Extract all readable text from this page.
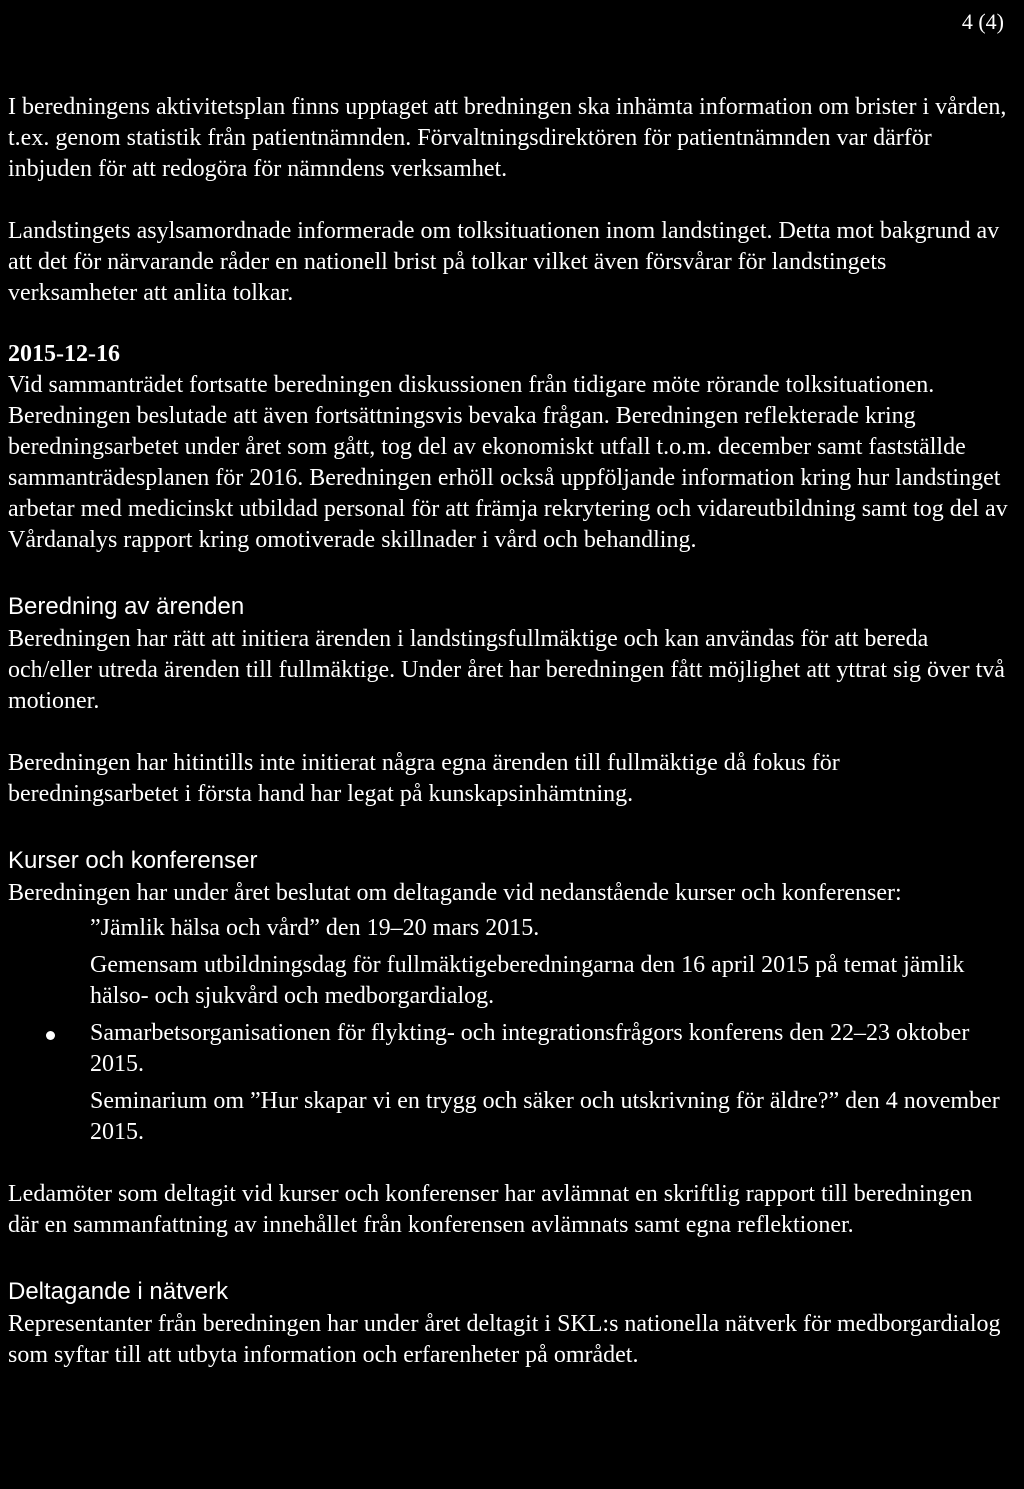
4 (4)

I beredningens aktivitetsplan finns upptaget att bredningen ska inhämta information om brister i vården, t.ex. genom statistik från patientnämnden. Förvaltningsdirektören för patientnämnden var därför inbjuden för att redogöra för nämndens verksamhet.

Landstingets asylsamordnade informerade om tolksituationen inom landstinget. Detta mot bakgrund av att det för närvarande råder en nationell brist på tolkar vilket även försvårar för landstingets verksamheter att anlita tolkar.

2015-12-16

Vid sammanträdet fortsatte beredningen diskussionen från tidigare möte rörande tolksituationen. Beredningen beslutade att även fortsättningsvis bevaka frågan. Beredningen reflekterade kring beredningsarbetet under året som gått, tog del av ekonomiskt utfall t.o.m. december samt fastställde sammanträdesplanen för 2016. Beredningen erhöll också uppföljande information kring hur landstinget arbetar med medicinskt utbildad personal för att främja rekrytering och vidareutbildning samt tog del av Vårdanalys rapport kring omotiverade skillnader i vård och behandling.

Beredning av ärenden

Beredningen har rätt att initiera ärenden i landstingsfullmäktige och kan användas för att bereda och/eller utreda ärenden till fullmäktige. Under året har beredningen fått möjlighet att yttrat sig över två motioner.

Beredningen har hitintills inte initierat några egna ärenden till fullmäktige då fokus för beredningsarbetet i första hand har legat på kunskapsinhämtning.

Kurser och konferenser

Beredningen har under året beslutat om deltagande vid nedanstående kurser och konferenser:

”Jämlik hälsa och vård” den 19–20 mars 2015.
Gemensam utbildningsdag för fullmäktigeberedningarna den 16 april 2015 på temat jämlik hälso- och sjukvård och medborgardialog.
Samarbetsorganisationen för flykting- och integrationsfrågors konferens den 22–23 oktober 2015.
Seminarium om ”Hur skapar vi en trygg och säker och utskrivning för äldre?” den 4 november 2015.

Ledamöter som deltagit vid kurser och konferenser har avlämnat en skriftlig rapport till beredningen där en sammanfattning av innehållet från konferensen avlämnats samt egna reflektioner.

Deltagande i nätverk

Representanter från beredningen har under året deltagit i SKL:s nationella nätverk för medborgardialog som syftar till att utbyta information och erfarenheter på området.
